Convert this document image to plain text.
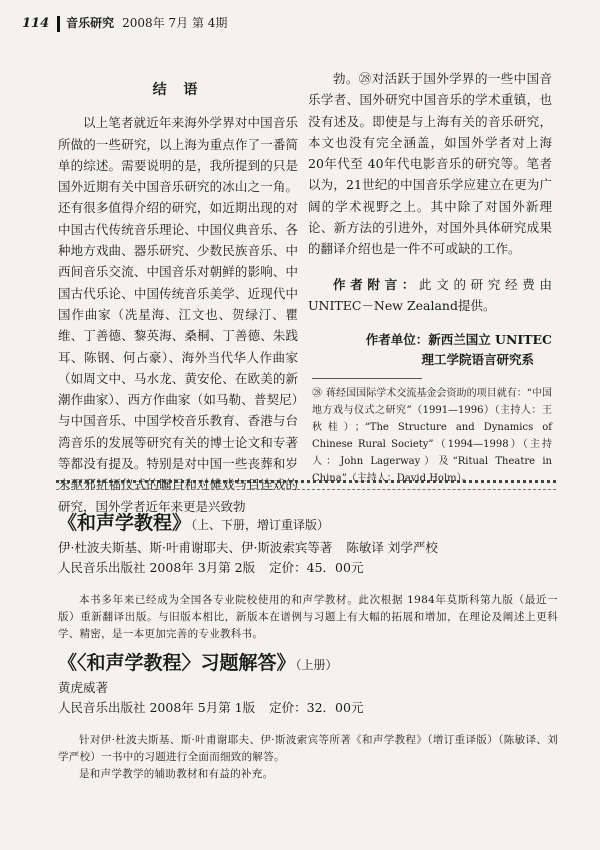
114 音乐研究 2008年 7月 第 4期
结 语

以上笔者就近年来海外学界对中国音乐所做的一些研究，以上海为重点作了一番简单的综述。需要说明的是，我所提到的只是国外近期有关中国音乐研究的冰山之一角。还有很多值得介绍的研究，如近期出现的对中国古代传统音乐理论、中国仪典音乐、各种地方戏曲、器乐研究、少数民族音乐、中西间音乐交流、中国音乐对朝鲜的影响、中国古代乐论、中国传统音乐美学、近现代中国作曲家（冼星海、江文也、贺绿汀、瞿维、丁善德、黎英海、桑桐、丁善德、朱践耳、陈钢、何占豪）、海外当代华人作曲家（如周文中、马水龙、黄安伦、在欧美的新潮作曲家）、西方作曲家（如马勒、普契尼）与中国音乐、中国学校音乐教育、香港与台湾音乐的发展等研究有关的博士论文和专著等都没有提及。特别是对中国一些丧葬和岁末驱邪祈福仪式的瞩目和对傩戏与目连戏的研究，国外学者近年来更是兴致勃

勃。㉘对活跃于国外学界的一些中国音乐学者、国外研究中国音乐的学术重镇，也没有述及。即使是与上海有关的音乐研究，本文也没有完全涵盖，如国外学者对上海 20年代至 40年代电影音乐的研究等。笔者以为，21世纪的中国音乐学应建立在更为广阔的学术视野之上。其中除了对国外新理论、新方法的引进外，对国外具体研究成果的翻译介绍也是一件不可或缺的工作。

作者附言：此文的研究经费由 UNITEC－New Zealand提供。

作者单位：新西兰国立 UNITEC
理工学院语言研究系
㉘ 蒋经国国际学术交流基金会资助的项目就有：“中国地方戏与仪式之研究”（1991—1996）（主持人：王秋桂）；“The Structure and Dynamics of Chinese Rural Society”（1994—1998）（主持人：John Lagerway）及“Ritual Theatre in China”（主持人：David Holm）。
《和声学教程》（上、下册，增订重译版）
伊·杜波夫斯基、斯·叶甫谢耶夫、伊·斯波索宾等著 陈敏译 刘学严校
人民音乐出版社 2008年 3月第 2版 定价：45．00元

本书多年来已经成为全国各专业院校使用的和声学教材。此次根据 1984年莫斯科第九版（最近一版）重新翻译出版。与旧版本相比，新版本在谱例与习题上有大幅的拓展和增加，在理论及阐述上更科学、精密，是一本更加完善的专业教科书。

《〈和声学教程〉习题解答》（上册）
黄虎威著
人民音乐出版社 2008年 5月第 1版 定价：32．00元

针对伊·杜波夫斯基、斯·叶甫谢耶夫、伊·斯波索宾等所著《和声学教程》（增订重译版）（陈敏译、刘学严校）一书中的习题进行全面而细致的解答。

是和声学教学的辅助教材和有益的补充。
